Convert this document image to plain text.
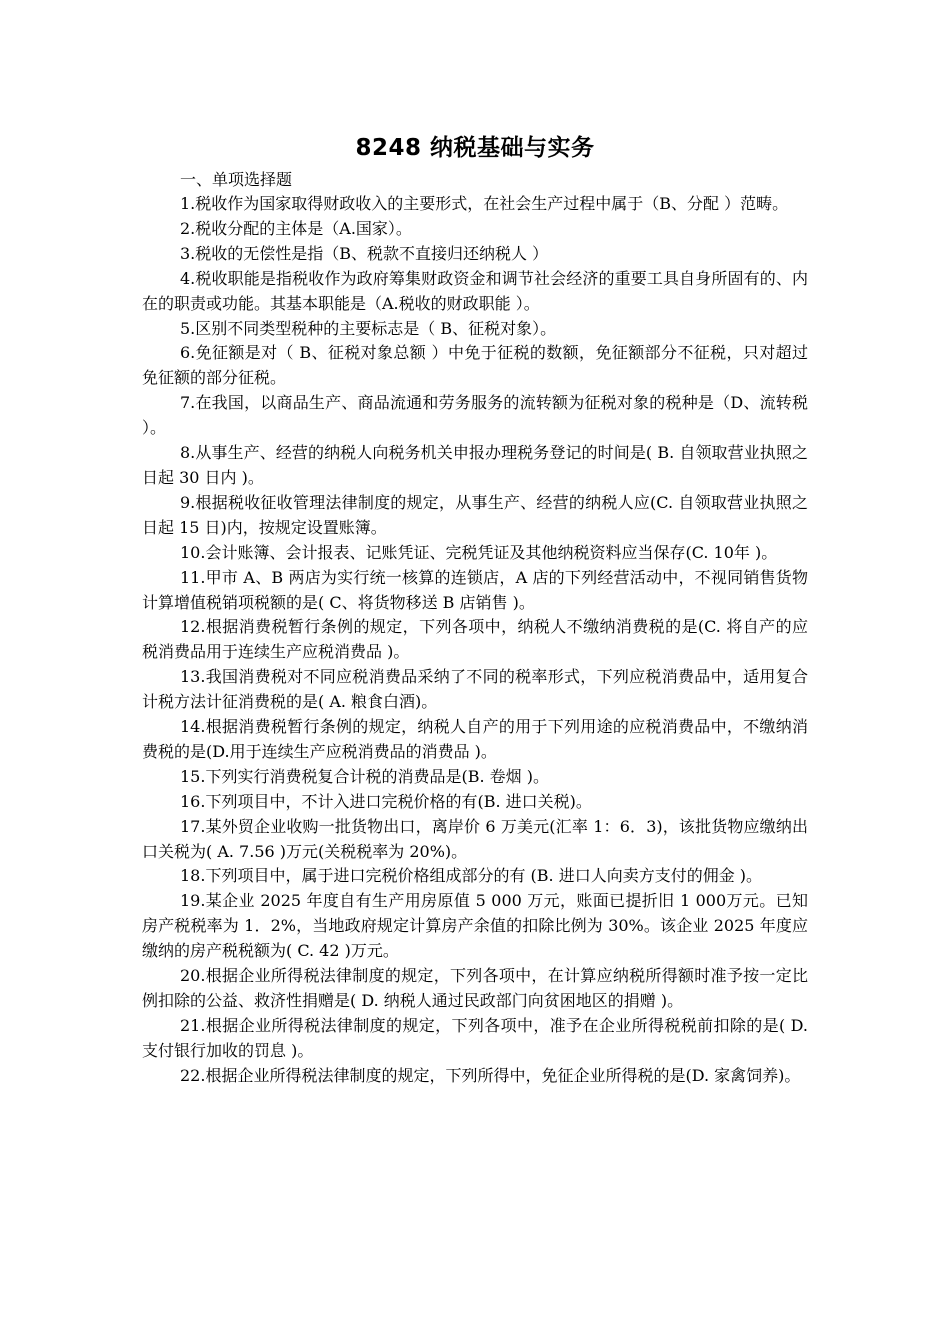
8248 纳税基础与实务

一、单项选择题

1.税收作为国家取得财政收入的主要形式，在社会生产过程中属于（B、分配 ）范畴。

2.税收分配的主体是（A.国家）。

3.税收的无偿性是指（B、税款不直接归还纳税人 ）

4.税收职能是指税收作为政府筹集财政资金和调节社会经济的重要工具自身所固有的、内在的职责或功能。其基本职能是（A.税收的财政职能 ）。

5.区别不同类型税种的主要标志是（ B、征税对象）。

6.免征额是对（ B、征税对象总额 ）中免于征税的数额，免征额部分不征税，只对超过免征额的部分征税。

7.在我国，以商品生产、商品流通和劳务服务的流转额为征税对象的税种是（D、流转税 ）。

8.从事生产、经营的纳税人向税务机关申报办理税务登记的时间是( B. 自领取营业执照之日起 30 日内 )。

9.根据税收征收管理法律制度的规定，从事生产、经营的纳税人应(C. 自领取营业执照之日起 15 日)内，按规定设置账簿。

10.会计账簿、会计报表、记账凭证、完税凭证及其他纳税资料应当保存(C. 10年 )。

11.甲市 A、B 两店为实行统一核算的连锁店，A 店的下列经营活动中，不视同销售货物计算增值税销项税额的是( C、将货物移送 B 店销售 )。

12.根据消费税暂行条例的规定，下列各项中，纳税人不缴纳消费税的是(C. 将自产的应税消费品用于连续生产应税消费品 )。

13.我国消费税对不同应税消费品采纳了不同的税率形式，下列应税消费品中，适用复合计税方法计征消费税的是( A. 粮食白酒)。

14.根据消费税暂行条例的规定，纳税人自产的用于下列用途的应税消费品中，不缴纳消费税的是(D.用于连续生产应税消费品的消费品 )。

15.下列实行消费税复合计税的消费品是(B. 卷烟 )。

16.下列项目中，不计入进口完税价格的有(B. 进口关税)。

17.某外贸企业收购一批货物出口，离岸价 6 万美元(汇率 1：6．3)，该批货物应缴纳出口关税为( A. 7.56 )万元(关税税率为 20%)。

18.下列项目中，属于进口完税价格组成部分的有 (B. 进口人向卖方支付的佣金 )。

19.某企业 2025 年度自有生产用房原值 5 000 万元，账面已提折旧 1 000万元。已知房产税税率为 1．2%，当地政府规定计算房产余值的扣除比例为 30%。该企业 2025 年度应缴纳的房产税税额为( C. 42 )万元。

20.根据企业所得税法律制度的规定，下列各项中，在计算应纳税所得额时准予按一定比例扣除的公益、救济性捐赠是( D. 纳税人通过民政部门向贫困地区的捐赠 )。

21.根据企业所得税法律制度的规定，下列各项中，准予在企业所得税税前扣除的是( D. 支付银行加收的罚息 )。

22.根据企业所得税法律制度的规定，下列所得中，免征企业所得税的是(D. 家禽饲养)。
